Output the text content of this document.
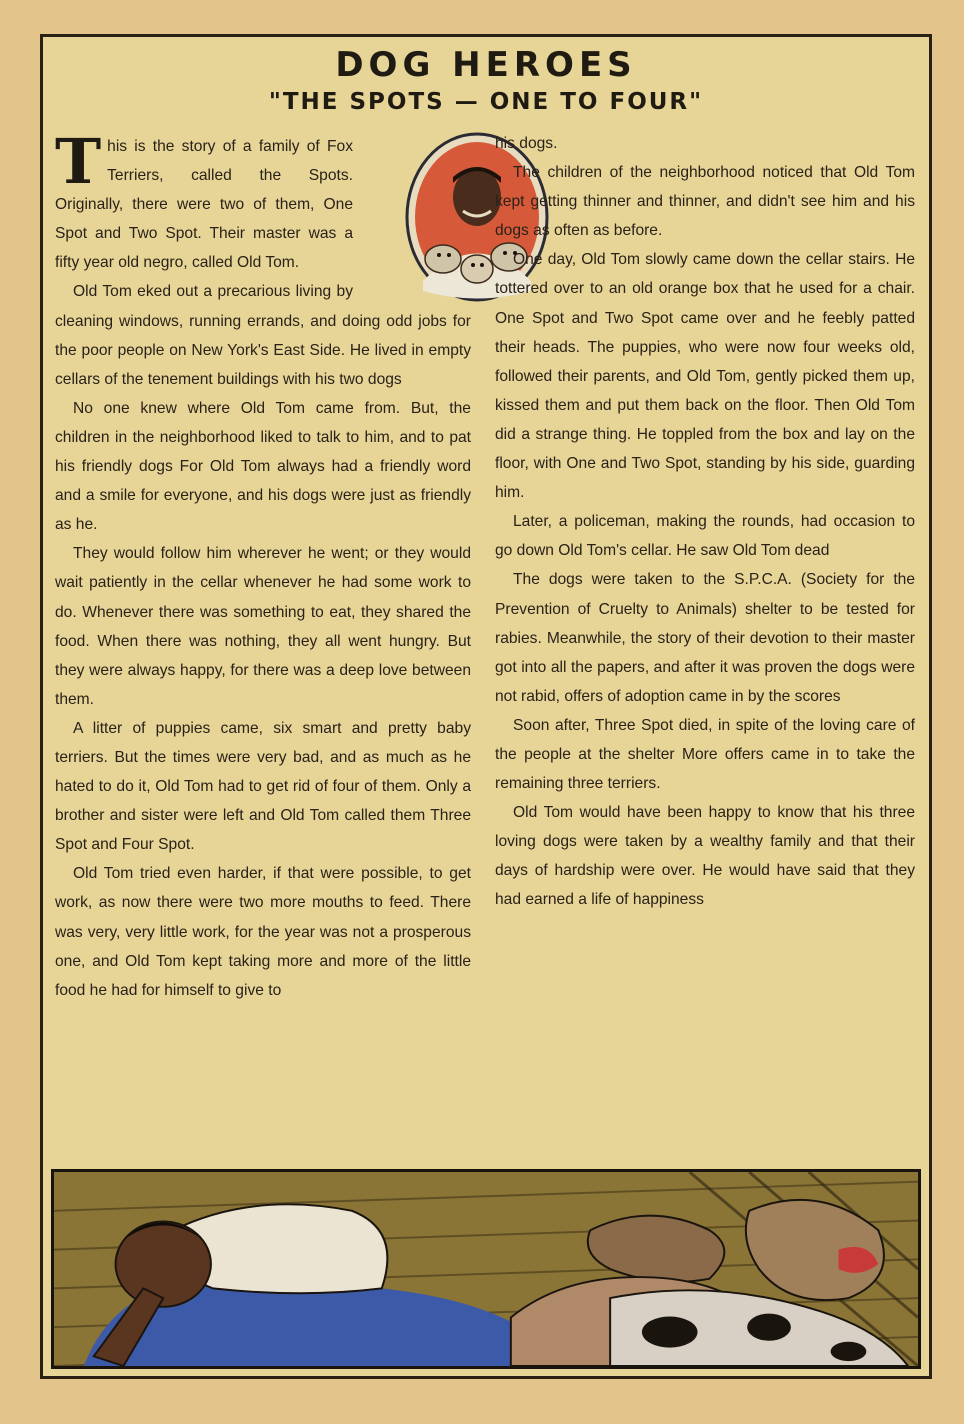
DOG HEROES
"THE SPOTS — ONE TO FOUR"

This is the story of a family of Fox Terriers, called the Spots. Originally, there were two of them, One Spot and Two Spot. Their master was a fifty year old negro, called Old Tom.

Old Tom eked out a precarious living by cleaning windows, running errands, and doing odd jobs for the poor people on New York's East Side. He lived in empty cellars of the tenement buildings with his two dogs

No one knew where Old Tom came from. But, the children in the neighborhood liked to talk to him, and to pat his friendly dogs For Old Tom always had a friendly word and a smile for everyone, and his dogs were just as friendly as he.

They would follow him wherever he went; or they would wait patiently in the cellar whenever he had some work to do. Whenever there was something to eat, they shared the food. When there was nothing, they all went hungry. But they were always happy, for there was a deep love between them.

A litter of puppies came, six smart and pretty baby terriers. But the times were very bad, and as much as he hated to do it, Old Tom had to get rid of four of them. Only a brother and sister were left and Old Tom called them Three Spot and Four Spot.

Old Tom tried even harder, if that were possible, to get work, as now there were two more mouths to feed. There was very, very little work, for the year was not a prosperous one, and Old Tom kept taking more and more of the little food he had for himself to give to

his dogs.

The children of the neighborhood noticed that Old Tom kept getting thinner and thinner, and didn't see him and his dogs as often as before.

One day, Old Tom slowly came down the cellar stairs. He tottered over to an old orange box that he used for a chair. One Spot and Two Spot came over and he feebly patted their heads. The puppies, who were now four weeks old, followed their parents, and Old Tom, gently picked them up, kissed them and put them back on the floor. Then Old Tom did a strange thing. He toppled from the box and lay on the floor, with One and Two Spot, standing by his side, guarding him.

Later, a policeman, making the rounds, had occasion to go down Old Tom's cellar. He saw Old Tom dead

The dogs were taken to the S.P.C.A. (Society for the Prevention of Cruelty to Animals) shelter to be tested for rabies. Meanwhile, the story of their devotion to their master got into all the papers, and after it was proven the dogs were not rabid, offers of adoption came in by the scores

Soon after, Three Spot died, in spite of the loving care of the people at the shelter More offers came in to take the remaining three terriers.

Old Tom would have been happy to know that his three loving dogs were taken by a wealthy family and that their days of hardship were over. He would have said that they had earned a life of happiness
